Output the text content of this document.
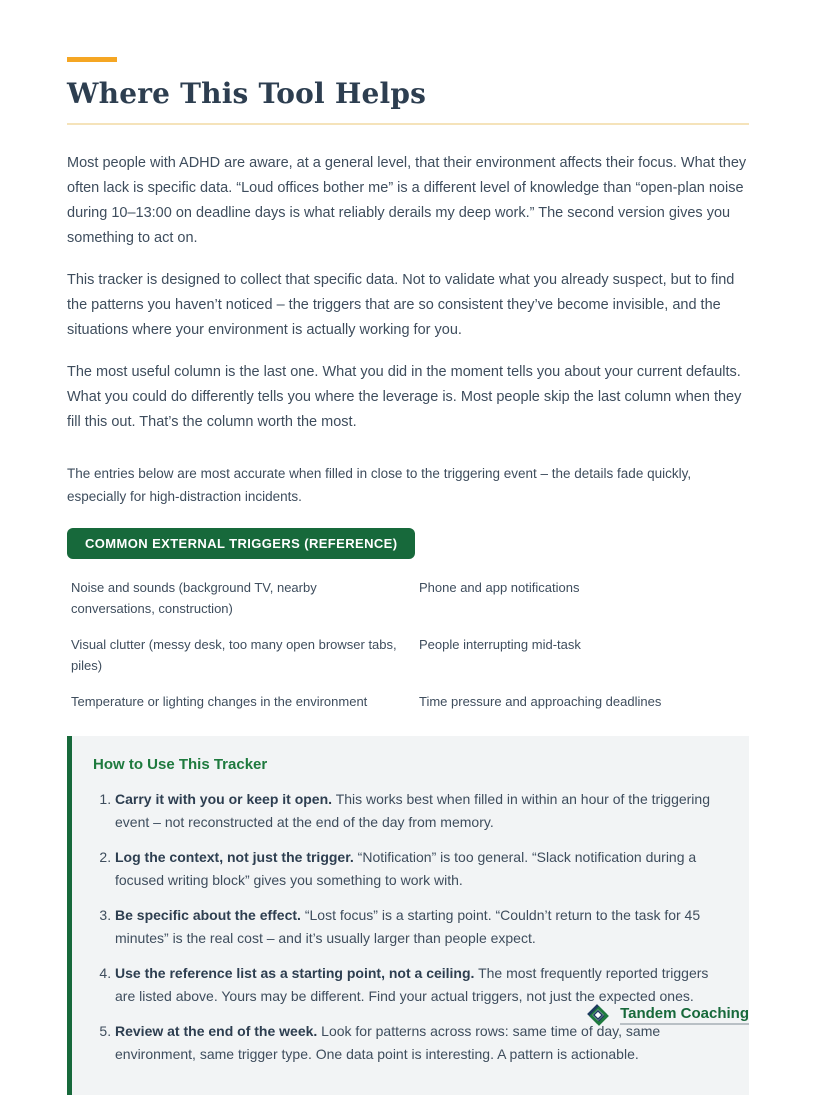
Where This Tool Helps

Most people with ADHD are aware, at a general level, that their environment affects their focus. What they often lack is specific data. “Loud offices bother me” is a different level of knowledge than “open-plan noise during 10–13:00 on deadline days is what reliably derails my deep work.” The second version gives you something to act on.

This tracker is designed to collect that specific data. Not to validate what you already suspect, but to find the patterns you haven’t noticed – the triggers that are so consistent they’ve become invisible, and the situations where your environment is actually working for you.

The most useful column is the last one. What you did in the moment tells you about your current defaults. What you could do differently tells you where the leverage is. Most people skip the last column when they fill this out. That’s the column worth the most.

The entries below are most accurate when filled in close to the triggering event – the details fade quickly, especially for high-distraction incidents.

COMMON EXTERNAL TRIGGERS (REFERENCE)
Noise and sounds (background TV, nearby conversations, construction)
Phone and app notifications
Visual clutter (messy desk, too many open browser tabs, piles)
People interrupting mid-task
Temperature or lighting changes in the environment	Time pressure and approaching deadlines
How to Use This Tracker
1. Carry it with you or keep it open. This works best when filled in within an hour of the triggering event – not reconstructed at the end of the day from memory.
2. Log the context, not just the trigger. “Notification” is too general. “Slack notification during a focused writing block” gives you something to work with.
3. Be specific about the effect. “Lost focus” is a starting point. “Couldn’t return to the task for 45 minutes” is the real cost – and it’s usually larger than people expect.
4. Use the reference list as a starting point, not a ceiling. The most frequently reported triggers are listed above. Yours may be different. Find your actual triggers, not just the expected ones.
5. Review at the end of the week. Look for patterns across rows: same time of day, same environment, same trigger type. One data point is interesting. A pattern is actionable.
Tandem Coaching
